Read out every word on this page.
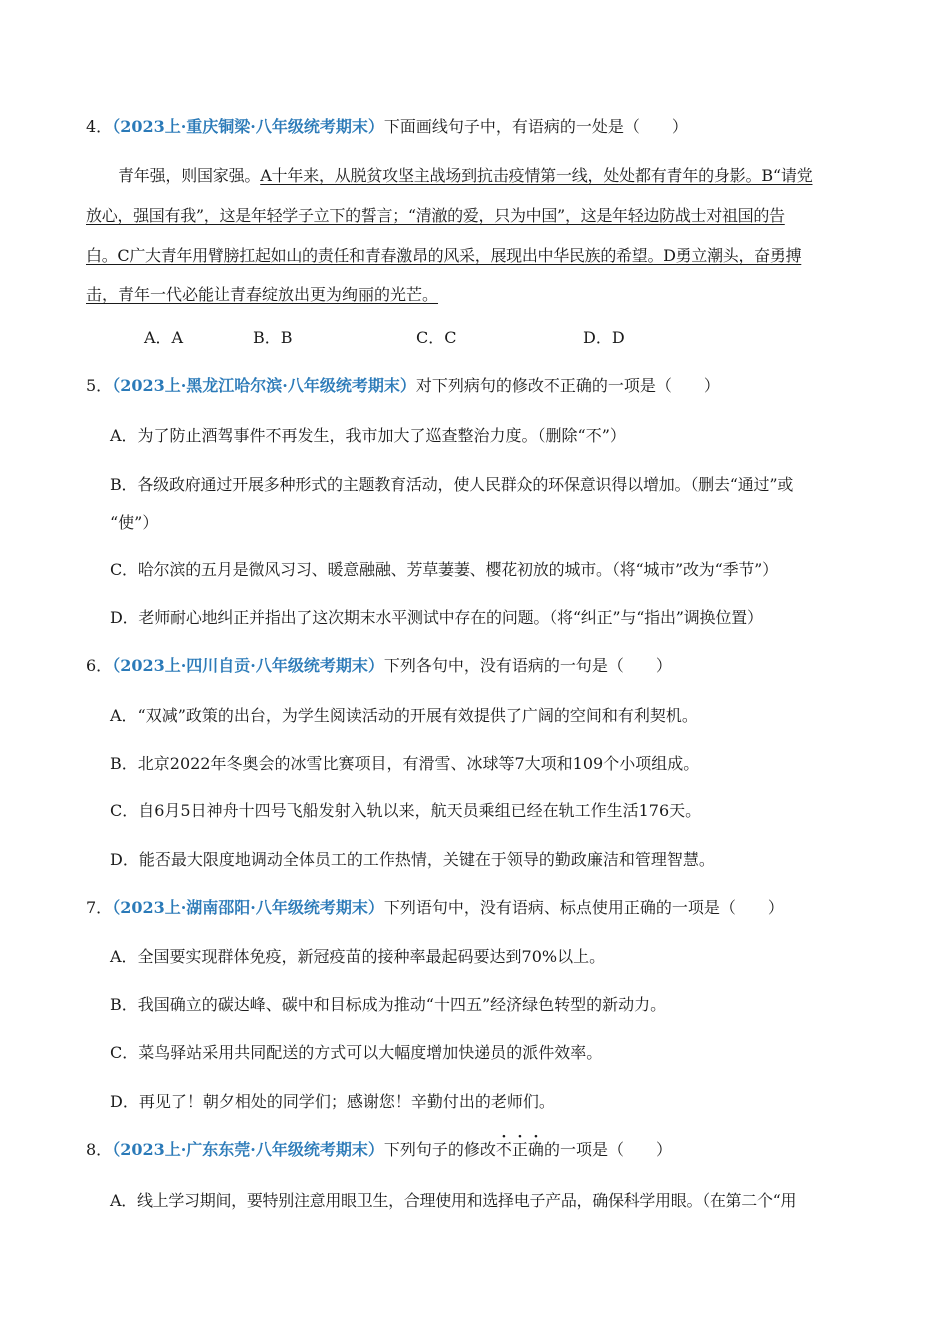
4．（2023上·重庆铜梁·八年级统考期末）下面画线句子中，有语病的一处是（　　）
青年强，则国家强。A十年来，从脱贫攻坚主战场到抗击疫情第一线，处处都有青年的身影。B“请党
放心，强国有我”，这是年轻学子立下的誓言；“清澈的爱，只为中国”，这是年轻边防战士对祖国的告
白。C广大青年用臂膀扛起如山的责任和青春激昂的风采，展现出中华民族的希望。D勇立潮头，奋勇搏
击，青年一代必能让青春绽放出更为绚丽的光芒。
A．A	B．B	C．C	D．D
5．（2023上·黑龙江哈尔滨·八年级统考期末）对下列病句的修改不正确的一项是（　　）
A．为了防止酒驾事件不再发生，我市加大了巡查整治力度。（删除“不”）
B．各级政府通过开展多种形式的主题教育活动，使人民群众的环保意识得以增加。（删去“通过”或
“使”）
C．哈尔滨的五月是微风习习、暖意融融、芳草萋萋、樱花初放的城市。（将“城市”改为“季节”）
D．老师耐心地纠正并指出了这次期末水平测试中存在的问题。（将“纠正”与“指出”调换位置）
6．（2023上·四川自贡·八年级统考期末）下列各句中，没有语病的一句是（　　）
A．“双减”政策的出台，为学生阅读活动的开展有效提供了广阔的空间和有利契机。
B．北京2022年冬奥会的冰雪比赛项目，有滑雪、冰球等7大项和109个小项组成。
C．自6月5日神舟十四号飞船发射入轨以来，航天员乘组已经在轨工作生活176天。
D．能否最大限度地调动全体员工的工作热情，关键在于领导的勤政廉洁和管理智慧。
7．（2023上·湖南邵阳·八年级统考期末）下列语句中，没有语病、标点使用正确的一项是（　　）
A．全国要实现群体免疫，新冠疫苗的接种率最起码要达到70%以上。
B．我国确立的碳达峰、碳中和目标成为推动“十四五”经济绿色转型的新动力。
C．菜鸟驿站采用共同配送的方式可以大幅度增加快递员的派件效率。
D．再见了！朝夕相处的同学们；感谢您！辛勤付出的老师们。
8．（2023上·广东东莞·八年级统考期末）下列句子的修改不正确的一项是（　　）
A．线上学习期间，要特别注意用眼卫生，合理使用和选择电子产品，确保科学用眼。（在第二个“用
